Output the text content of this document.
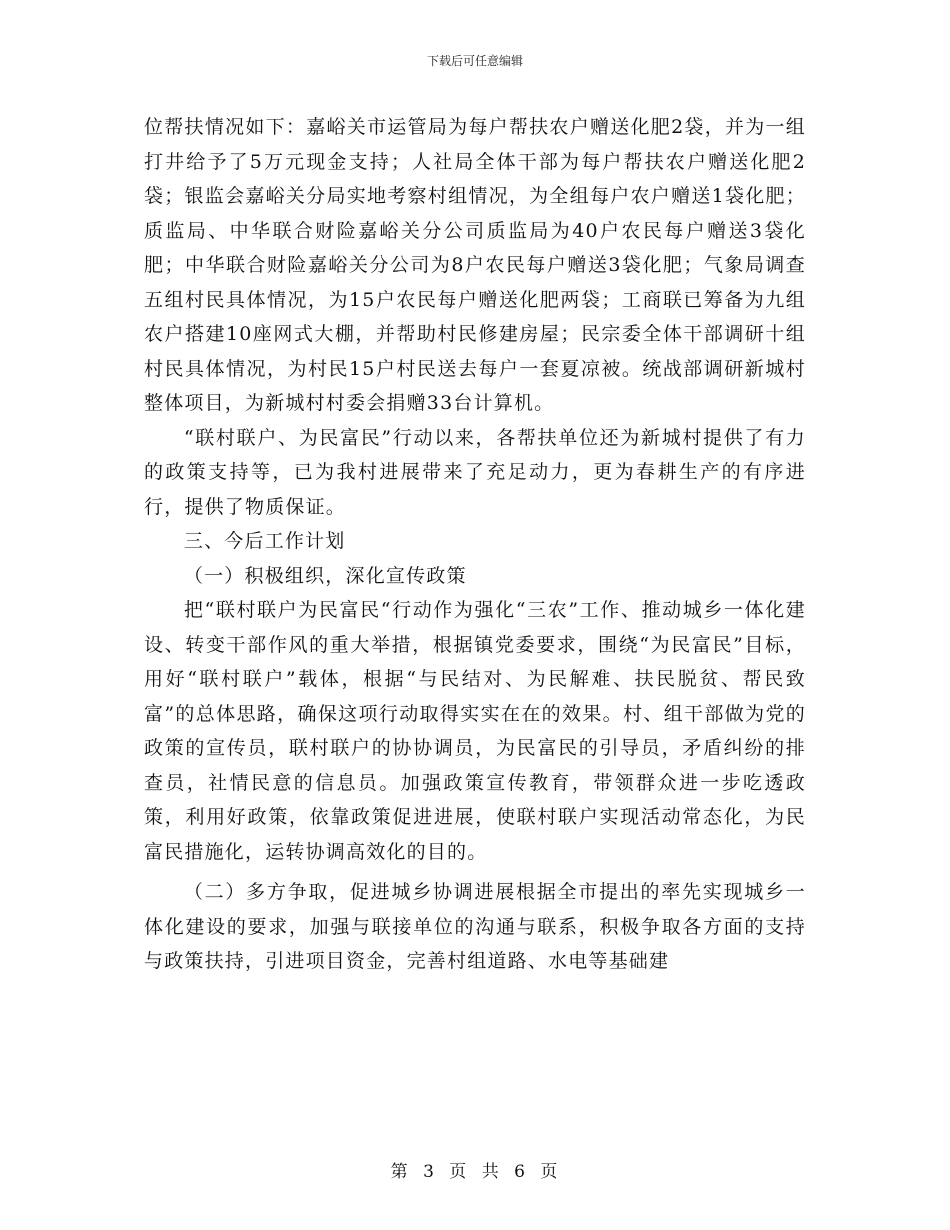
下载后可任意编辑

位帮扶情况如下：嘉峪关市运管局为每户帮扶农户赠送化肥2袋，并为一组打井给予了5万元现金支持；人社局全体干部为每户帮扶农户赠送化肥2袋；银监会嘉峪关分局实地考察村组情况，为全组每户农户赠送1袋化肥；质监局、中华联合财险嘉峪关分公司质监局为40户农民每户赠送3袋化肥；中华联合财险嘉峪关分公司为8户农民每户赠送3袋化肥；气象局调查五组村民具体情况，为15户农民每户赠送化肥两袋；工商联已筹备为九组农户搭建10座网式大棚，并帮助村民修建房屋；民宗委全体干部调研十组村民具体情况，为村民15户村民送去每户一套夏凉被。统战部调研新城村整体项目，为新城村村委会捐赠33台计算机。

“联村联户、为民富民”行动以来，各帮扶单位还为新城村提供了有力的政策支持等，已为我村进展带来了充足动力，更为春耕生产的有序进行，提供了物质保证。

三、今后工作计划

（一）积极组织，深化宣传政策

把“联村联户为民富民“行动作为强化“三农”工作、推动城乡一体化建设、转变干部作风的重大举措，根据镇党委要求，围绕“为民富民”目标，用好“联村联户”载体，根据“与民结对、为民解难、扶民脱贫、帮民致富”的总体思路，确保这项行动取得实实在在的效果。村、组干部做为党的政策的宣传员，联村联户的协协调员，为民富民的引导员，矛盾纠纷的排查员，社情民意的信息员。加强政策宣传教育，带领群众进一步吃透政策，利用好政策，依靠政策促进进展，使联村联户实现活动常态化，为民富民措施化，运转协调高效化的目的。

（二）多方争取，促进城乡协调进展根据全市提出的率先实现城乡一体化建设的要求，加强与联接单位的沟通与联系，积极争取各方面的支持与政策扶持，引进项目资金，完善村组道路、水电等基础建

第 3 页 共 6 页
